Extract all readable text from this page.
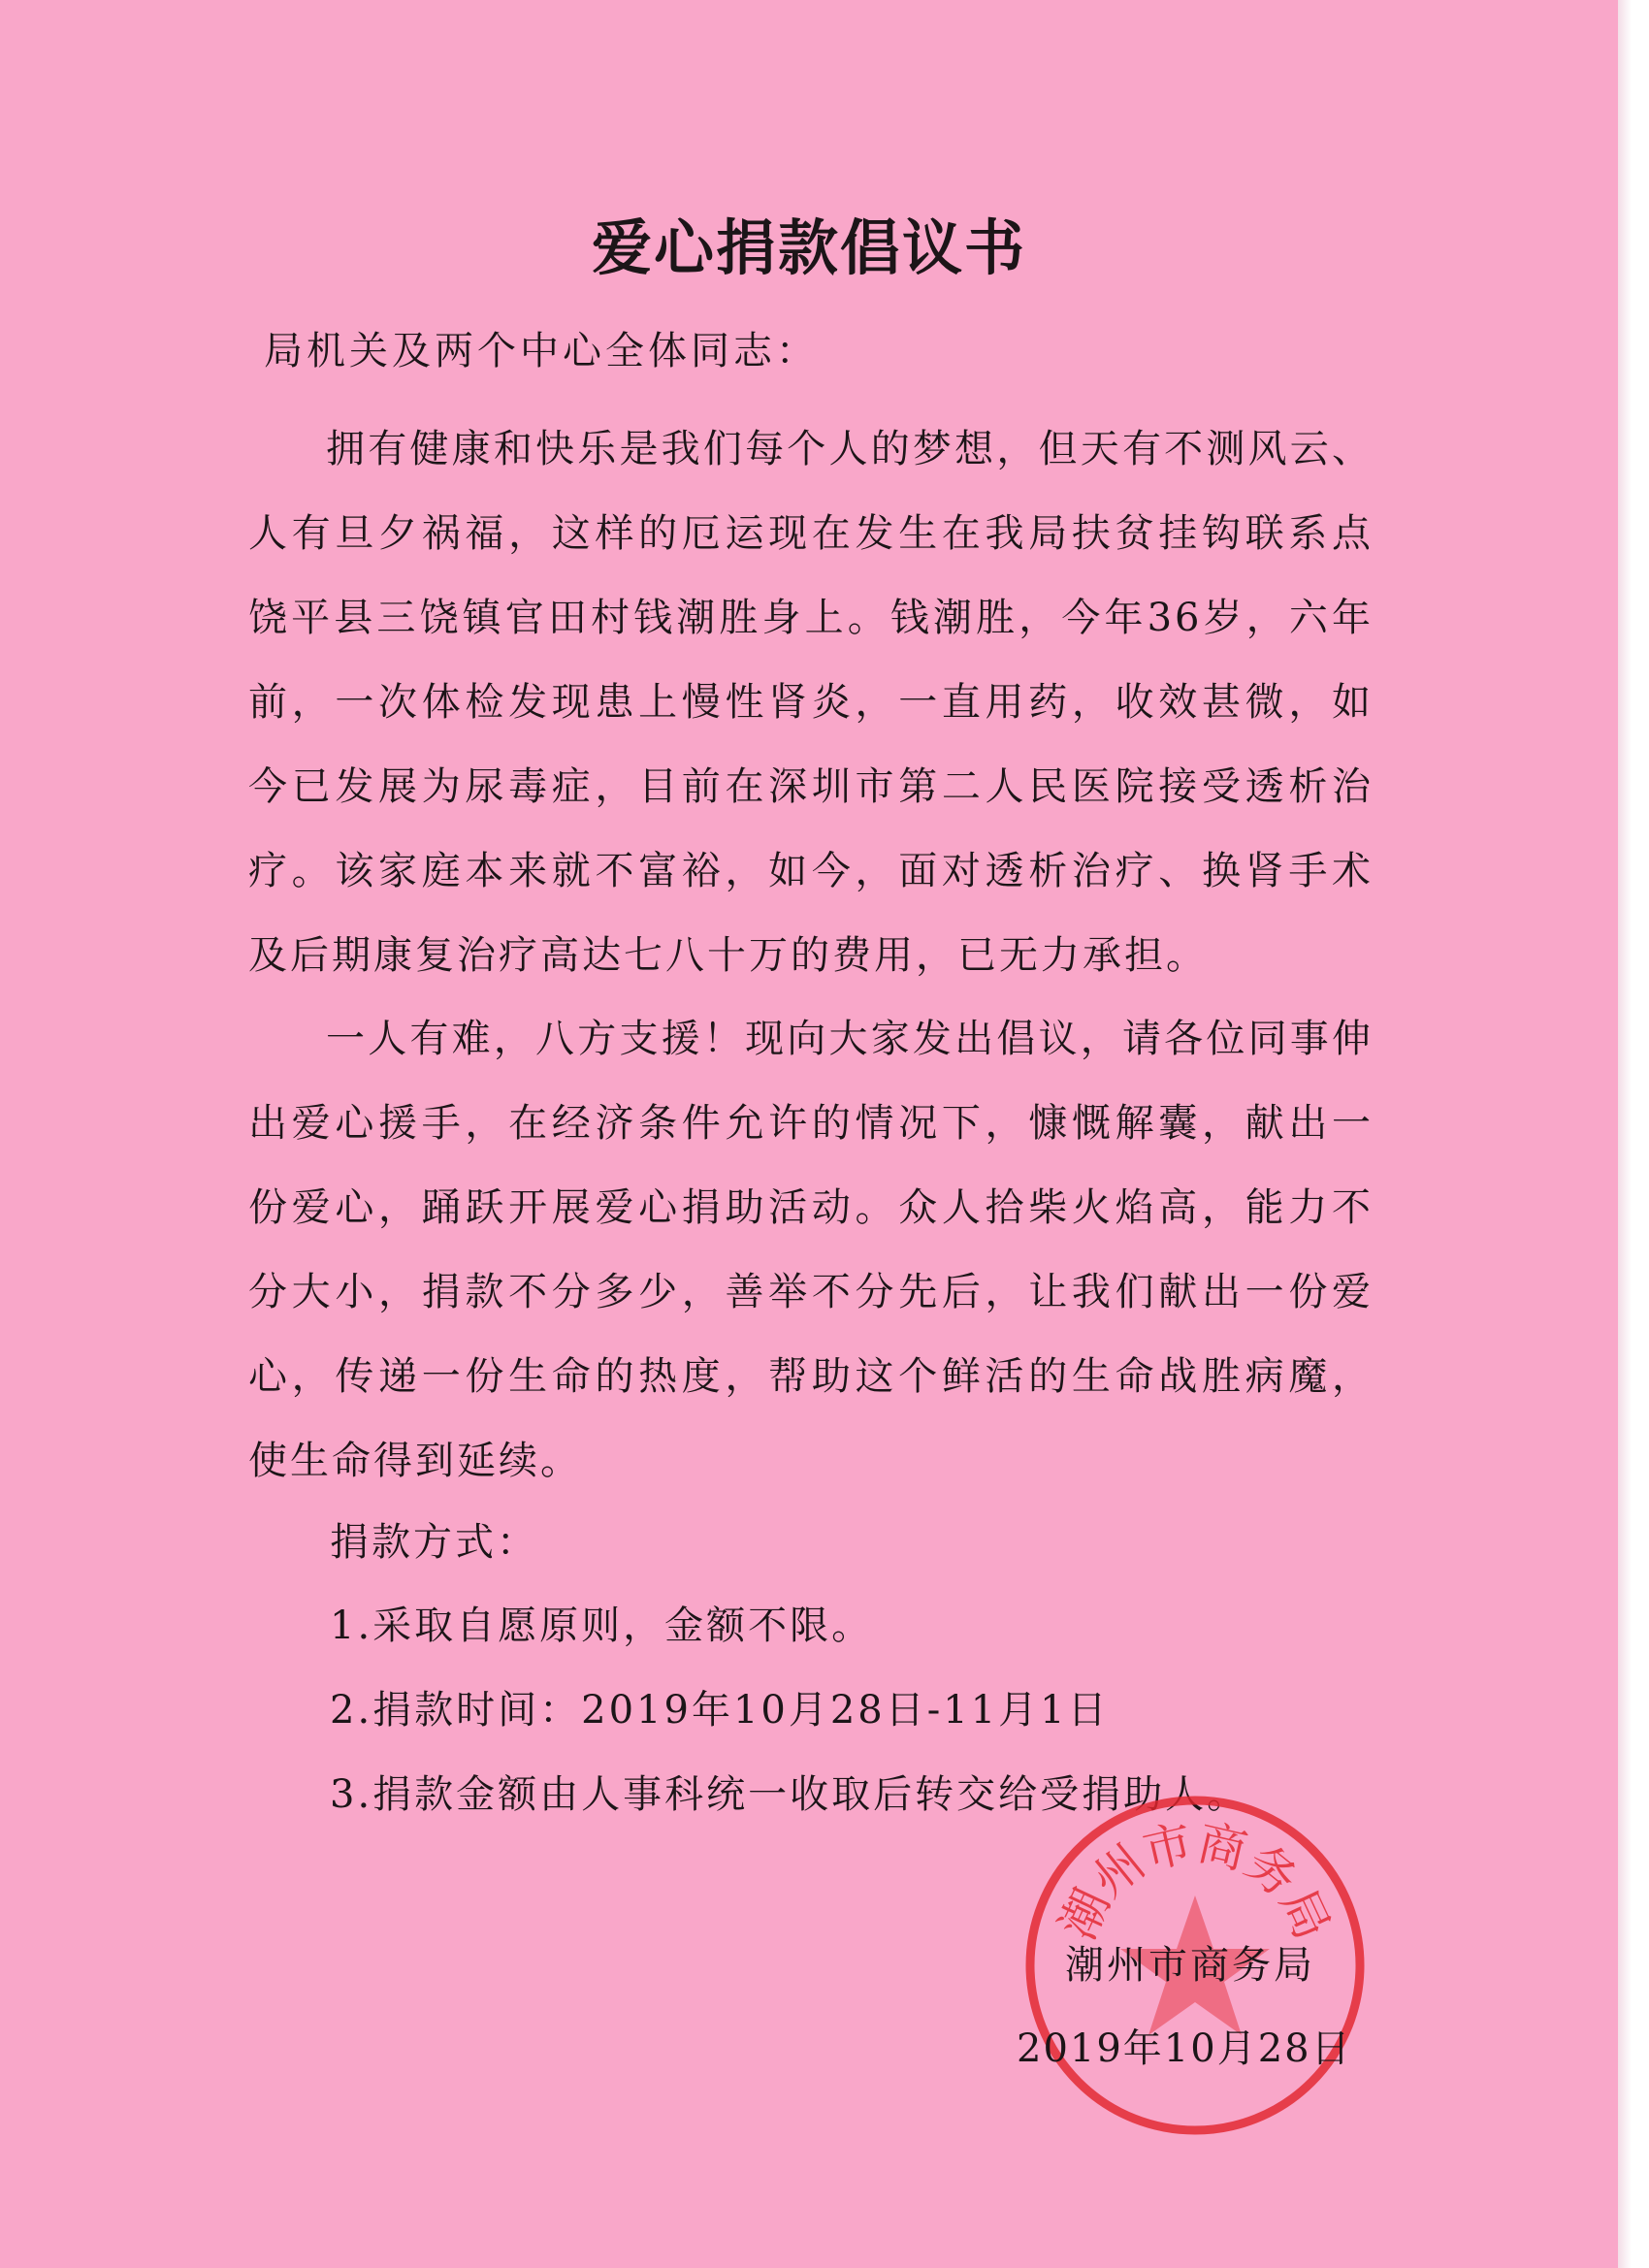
爱心捐款倡议书

局机关及两个中心全体同志：

拥有健康和快乐是我们每个人的梦想，但天有不测风云、人有旦夕祸福，这样的厄运现在发生在我局扶贫挂钩联系点饶平县三饶镇官田村钱潮胜身上。钱潮胜，今年36岁，六年前，一次体检发现患上慢性肾炎，一直用药，收效甚微，如今已发展为尿毒症，目前在深圳市第二人民医院接受透析治疗。该家庭本来就不富裕，如今，面对透析治疗、换肾手术及后期康复治疗高达七八十万的费用，已无力承担。

一人有难，八方支援！现向大家发出倡议，请各位同事伸出爱心援手，在经济条件允许的情况下，慷慨解囊，献出一份爱心，踊跃开展爱心捐助活动。众人拾柴火焰高，能力不分大小，捐款不分多少，善举不分先后，让我们献出一份爱心，传递一份生命的热度，帮助这个鲜活的生命战胜病魔，使生命得到延续。

捐款方式：

1.采取自愿原则，金额不限。

2.捐款时间：2019年10月28日-11月1日

3.捐款金额由人事科统一收取后转交给受捐助人。

潮
州
市
商
务
局

潮州市商务局

2019年10月28日
